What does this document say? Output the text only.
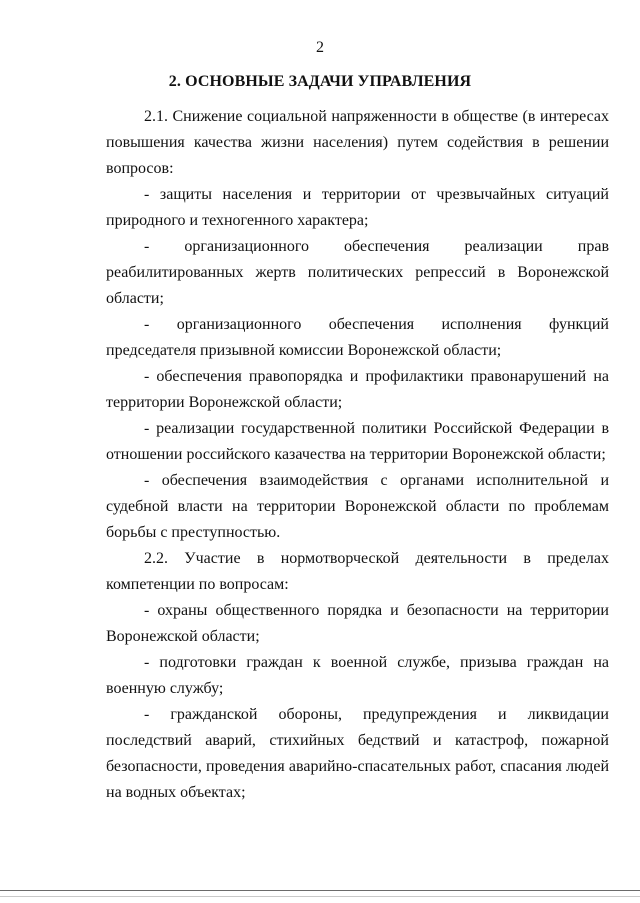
2
2. ОСНОВНЫЕ ЗАДАЧИ УПРАВЛЕНИЯ

2.1. Снижение социальной напряженности в обществе (в интересах повышения качества жизни населения) путем содействия в решении вопросов:

- защиты населения и территории от чрезвычайных ситуаций природного и техногенного характера;

- организационного обеспечения реализации прав реабилитированных жертв политических репрессий в Воронежской области;

- организационного обеспечения исполнения функций председателя призывной комиссии Воронежской области;

- обеспечения правопорядка и профилактики правонарушений на территории Воронежской области;

- реализации государственной политики Российской Федерации в отношении российского казачества на территории Воронежской области;

- обеспечения взаимодействия с органами исполнительной и судебной власти на территории Воронежской области по проблемам борьбы с преступностью.

2.2. Участие в нормотворческой деятельности в пределах компетенции по вопросам:

- охраны общественного порядка и безопасности на территории Воронежской области;

- подготовки граждан к военной службе, призыва граждан на военную службу;

- гражданской обороны, предупреждения и ликвидации последствий аварий, стихийных бедствий и катастроф, пожарной безопасности, проведения аварийно-спасательных работ, спасания людей на водных объектах;
